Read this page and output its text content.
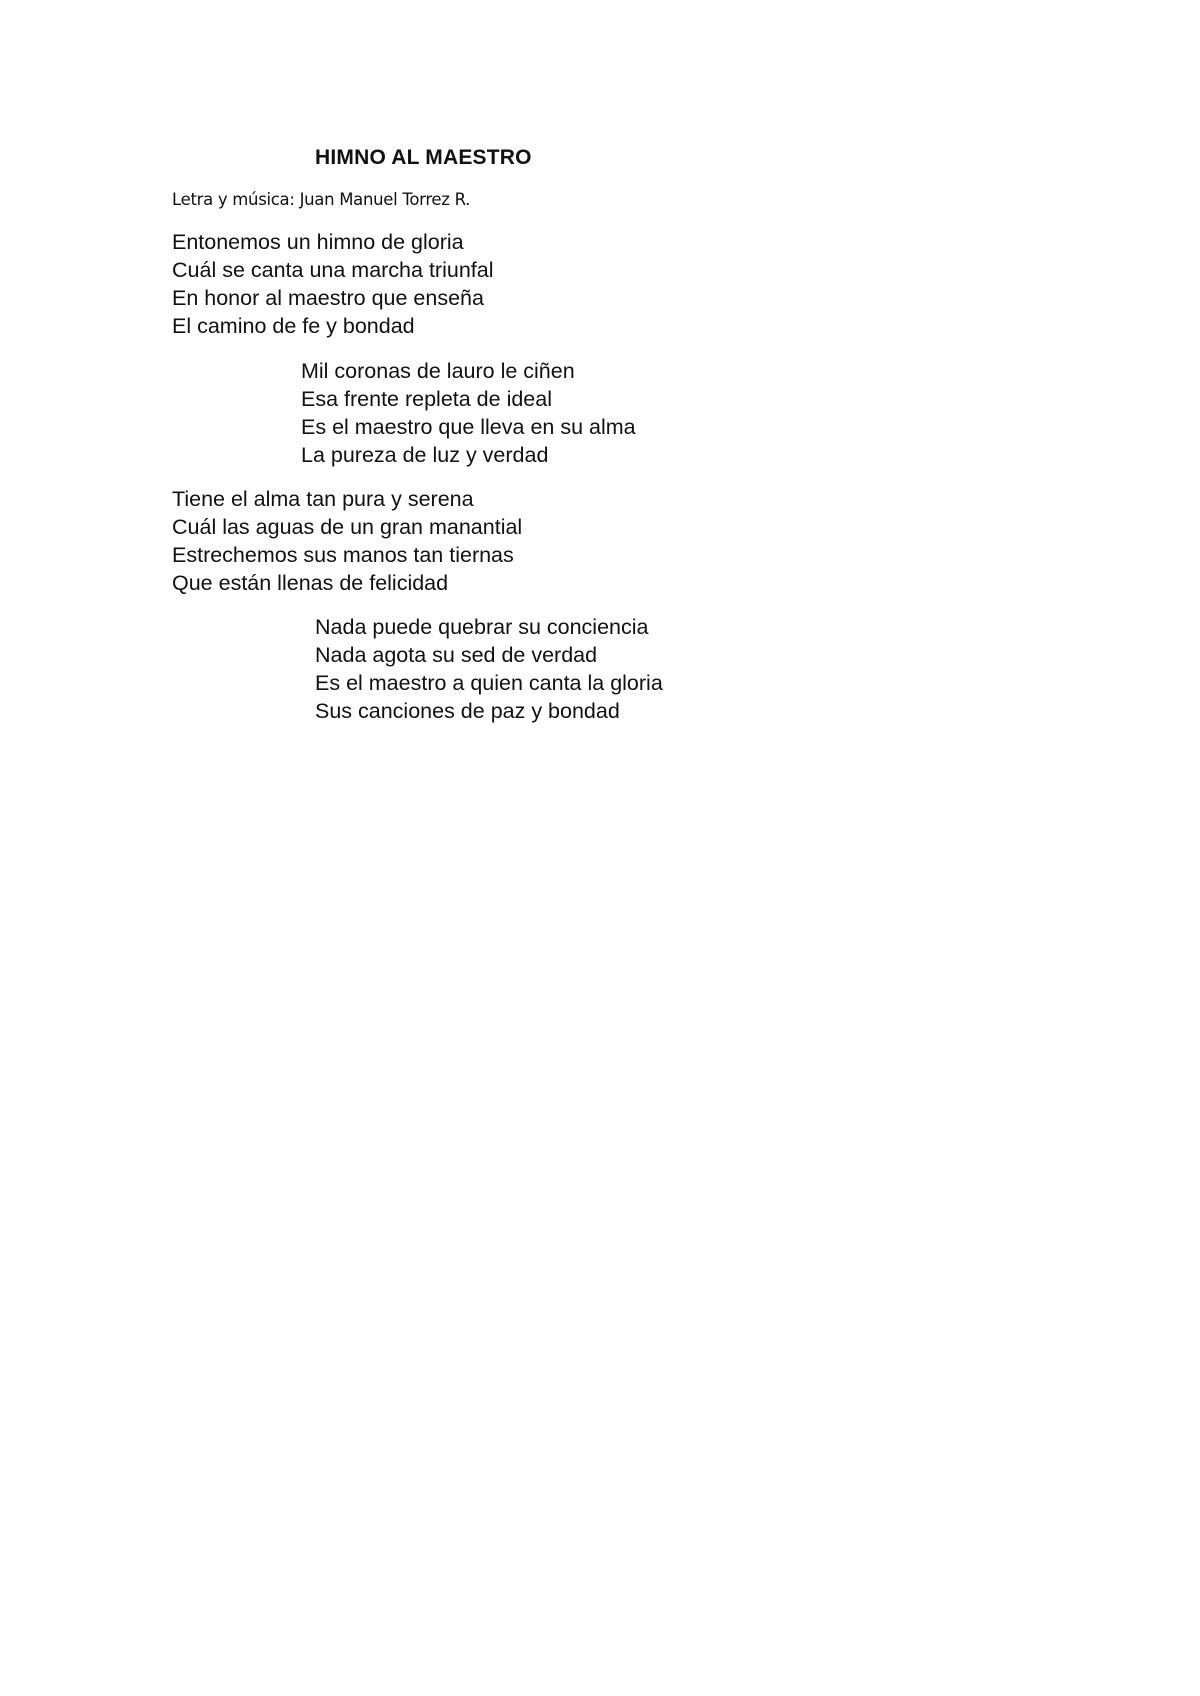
HIMNO AL MAESTRO
Letra y música: Juan Manuel Torrez R.
Entonemos un himno de gloria
Cuál se canta una marcha triunfal
En honor al maestro que enseña
El camino de fe y bondad
Mil coronas de lauro le ciñen
Esa frente repleta de ideal
Es el maestro que lleva en su alma
La pureza de luz y verdad
Tiene el alma tan pura y serena
Cuál las aguas de un gran manantial
Estrechemos sus manos tan tiernas
Que están llenas de felicidad
Nada puede quebrar su conciencia
Nada agota su sed de verdad
Es el maestro a quien canta la gloria
Sus canciones de paz y bondad
